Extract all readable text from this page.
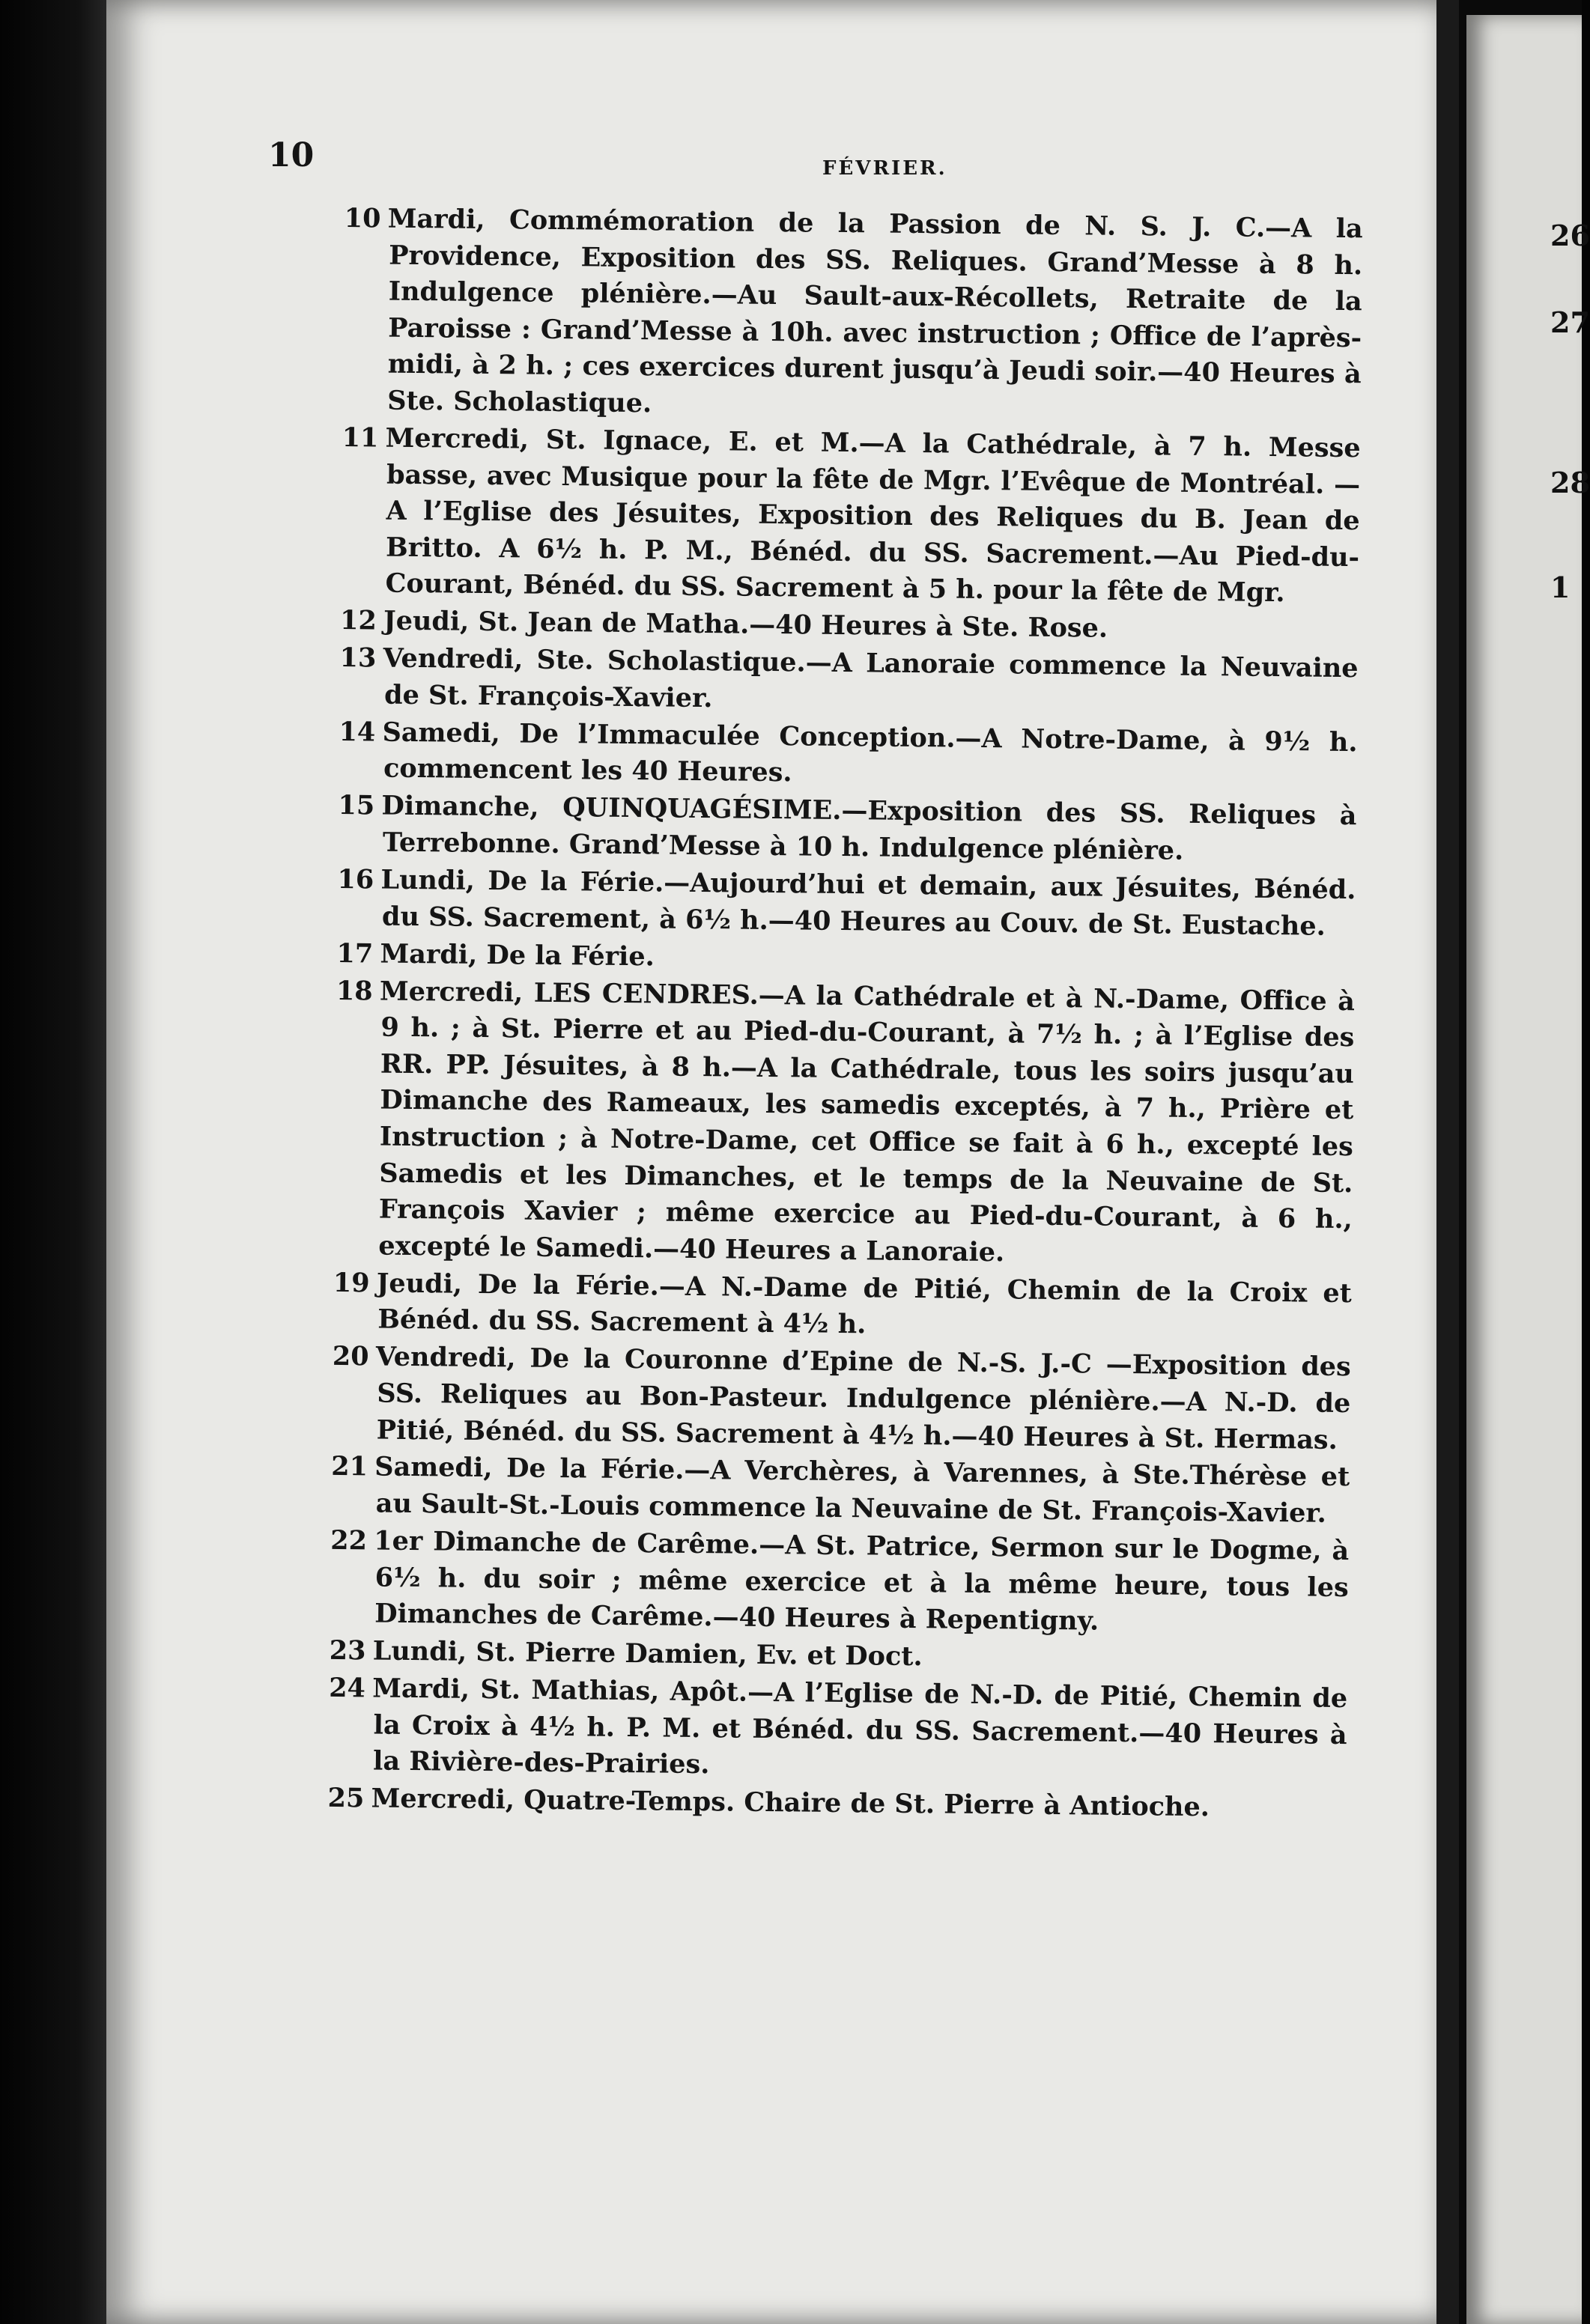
26
27
28
1
10	FÉVRIER.
10 Mardi, Commémoration de la Passion de N. S. J. C.—A la Providence, Exposition des SS. Reliques. Grand’Messe à 8 h. Indulgence plénière.—Au Sault-aux-Récollets, Retraite de la Paroisse : Grand’Messe à 10h. avec instruction ; Office de l’après-midi, à 2 h. ; ces exercices durent jusqu’à Jeudi soir.—40 Heures à Ste. Scholastique.
11 Mercredi, St. Ignace, E. et M.—A la Cathédrale, à 7 h. Messe basse, avec Musique pour la fête de Mgr. l’Evêque de Montréal. —A l’Eglise des Jésuites, Exposition des Reliques du B. Jean de Britto. A 6½ h. P. M., Bénéd. du SS. Sacrement.—Au Pied-du-Courant, Bénéd. du SS. Sacrement à 5 h. pour la fête de Mgr.
12 Jeudi, St. Jean de Matha.—40 Heures à Ste. Rose.
13 Vendredi, Ste. Scholastique.—A Lanoraie commence la Neuvaine de St. François-Xavier.
14 Samedi, De l’Immaculée Conception.—A Notre-Dame, à 9½ h. commencent les 40 Heures.
15 Dimanche, QUINQUAGÉSIME.—Exposition des SS. Reliques à Terrebonne. Grand’Messe à 10 h. Indulgence plénière.
16 Lundi, De la Férie.—Aujourd’hui et demain, aux Jésuites, Bénéd. du SS. Sacrement, à 6½ h.—40 Heures au Couv. de St. Eustache.
17 Mardi, De la Férie.
18 Mercredi, LES CENDRES.—A la Cathédrale et à N.-Dame, Office à 9 h. ; à St. Pierre et au Pied-du-Courant, à 7½ h. ; à l’Eglise des RR. PP. Jésuites, à 8 h.—A la Cathédrale, tous les soirs jusqu’au Dimanche des Rameaux, les samedis exceptés, à 7 h., Prière et Instruction ; à Notre-Dame, cet Office se fait à 6 h., excepté les Samedis et les Dimanches, et le temps de la Neuvaine de St. François Xavier ; même exercice au Pied-du-Courant, à 6 h., excepté le Samedi.—40 Heures a Lanoraie.
19 Jeudi, De la Férie.—A N.-Dame de Pitié, Chemin de la Croix et Bénéd. du SS. Sacrement à 4½ h.
20 Vendredi, De la Couronne d’Epine de N.-S. J.-C —Exposition des SS. Reliques au Bon-Pasteur. Indulgence plénière.—A N.-D. de Pitié, Bénéd. du SS. Sacrement à 4½ h.—40 Heures à St. Hermas.
21 Samedi, De la Férie.—A Verchères, à Varennes, à Ste.Thérèse et au Sault-St.-Louis commence la Neuvaine de St. François-Xavier.
22 1er Dimanche de Carême.—A St. Patrice, Sermon sur le Dogme, à 6½ h. du soir ; même exercice et à la même heure, tous les Dimanches de Carême.—40 Heures à Repentigny.
23 Lundi, St. Pierre Damien, Ev. et Doct.
24 Mardi, St. Mathias, Apôt.—A l’Eglise de N.-D. de Pitié, Chemin de la Croix à 4½ h. P. M. et Bénéd. du SS. Sacrement.—40 Heures à la Rivière-des-Prairies.
25 Mercredi, Quatre-Temps. Chaire de St. Pierre à Antioche.
